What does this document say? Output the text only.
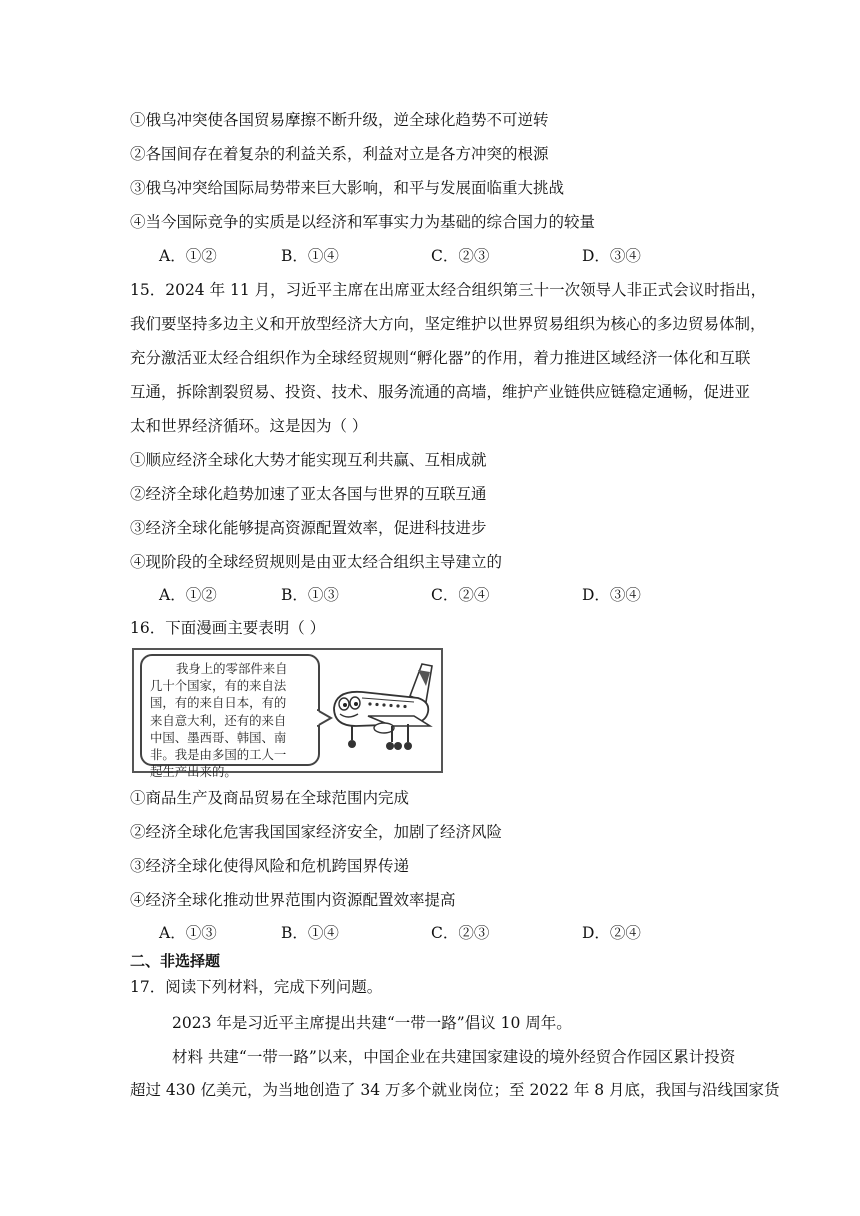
①俄乌冲突使各国贸易摩擦不断升级，逆全球化趋势不可逆转
②各国间存在着复杂的利益关系，利益对立是各方冲突的根源
③俄乌冲突给国际局势带来巨大影响，和平与发展面临重大挑战
④当今国际竞争的实质是以经济和军事实力为基础的综合国力的较量
A．①②	B．①④	C．②③	D．③④
15．2024 年 11 月，习近平主席在出席亚太经合组织第三十一次领导人非正式会议时指出，
我们要坚持多边主义和开放型经济大方向，坚定维护以世界贸易组织为核心的多边贸易体制，
充分激活亚太经合组织作为全球经贸规则“孵化器”的作用，着力推进区域经济一体化和互联
互通，拆除割裂贸易、投资、技术、服务流通的高墙，维护产业链供应链稳定通畅，促进亚
太和世界经济循环。这是因为（ ）
①顺应经济全球化大势才能实现互利共赢、互相成就
②经济全球化趋势加速了亚太各国与世界的互联互通
③经济全球化能够提高资源配置效率，促进科技进步
④现阶段的全球经贸规则是由亚太经合组织主导建立的
A．①②	B．①③	C．②④	D．③④
16．下面漫画主要表明（ ）
我身上的零部件来自
几十个国家，有的来自法
国，有的来自日本，有的
来自意大利，还有的来自
中国、墨西哥、韩国、南
非。我是由多国的工人一
起生产出来的。
①商品生产及商品贸易在全球范围内完成
②经济全球化危害我国国家经济安全，加剧了经济风险
③经济全球化使得风险和危机跨国界传递
④经济全球化推动世界范围内资源配置效率提高
A．①③	B．①④	C．②③	D．②④
二、非选择题
17．阅读下列材料，完成下列问题。
2023 年是习近平主席提出共建“一带一路”倡议 10 周年。
材料 共建“一带一路”以来，中国企业在共建国家建设的境外经贸合作园区累计投资
超过 430 亿美元，为当地创造了 34 万多个就业岗位；至 2022 年 8 月底，我国与沿线国家货
